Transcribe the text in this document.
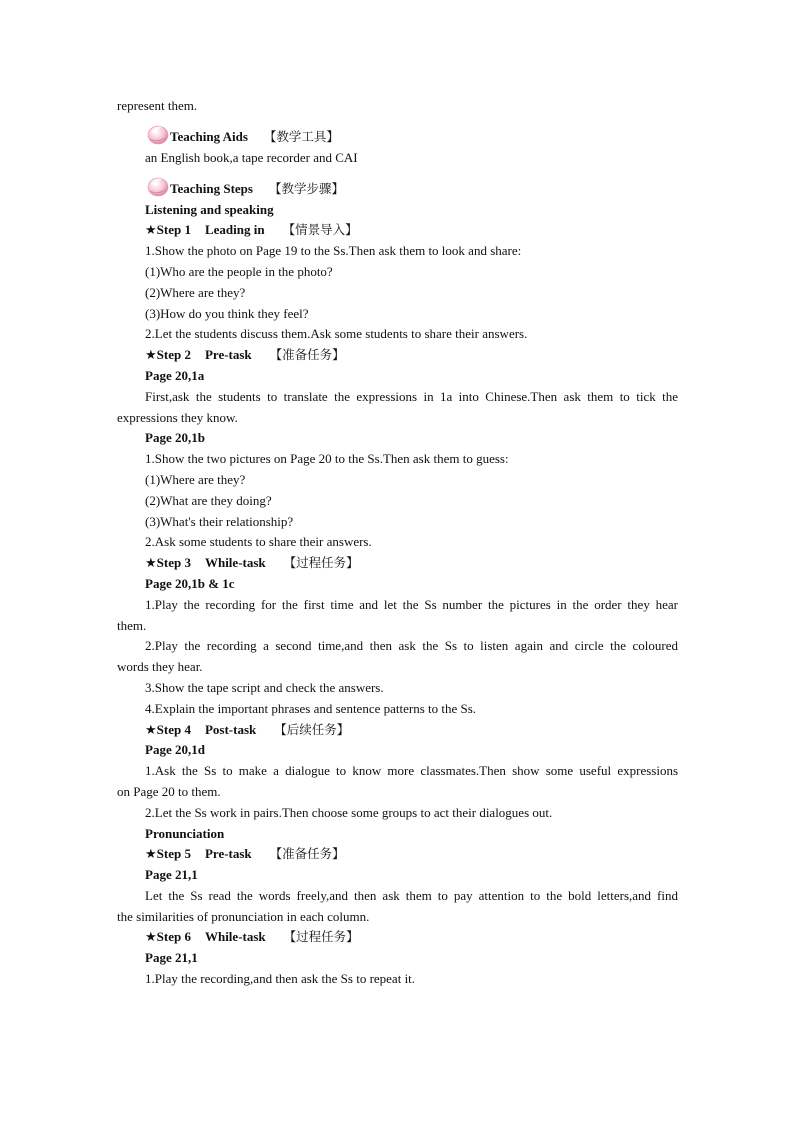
represent them.
Teaching Aids 【教学工具】
an English book,a tape recorder and CAI
Teaching Steps 【教学步骤】
Listening and speaking
★Step 1 Leading in 【情景导入】
1.Show the photo on Page 19 to the Ss.Then ask them to look and share:
(1)Who are the people in the photo?
(2)Where are they?
(3)How do you think they feel?
2.Let the students discuss them.Ask some students to share their answers.
★Step 2 Pre-task 【准备任务】
Page 20,1a
First,ask the students to translate the expressions in 1a into Chinese.Then ask them to tick the
expressions they know.
Page 20,1b
1.Show the two pictures on Page 20 to the Ss.Then ask them to guess:
(1)Where are they?
(2)What are they doing?
(3)What's their relationship?
2.Ask some students to share their answers.
★Step 3 While-task 【过程任务】
Page 20,1b & 1c
1.Play the recording for the first time and let the Ss number the pictures in the order they hear
them.
2.Play the recording a second time,and then ask the Ss to listen again and circle the coloured
words they hear.
3.Show the tape script and check the answers.
4.Explain the important phrases and sentence patterns to the Ss.
★Step 4 Post-task 【后续任务】
Page 20,1d
1.Ask the Ss to make a dialogue to know more classmates.Then show some useful expressions
on Page 20 to them.
2.Let the Ss work in pairs.Then choose some groups to act their dialogues out.
Pronunciation
★Step 5 Pre-task 【准备任务】
Page 21,1
Let the Ss read the words freely,and then ask them to pay attention to the bold letters,and find
the similarities of pronunciation in each column.
★Step 6 While-task 【过程任务】
Page 21,1
1.Play the recording,and then ask the Ss to repeat it.
